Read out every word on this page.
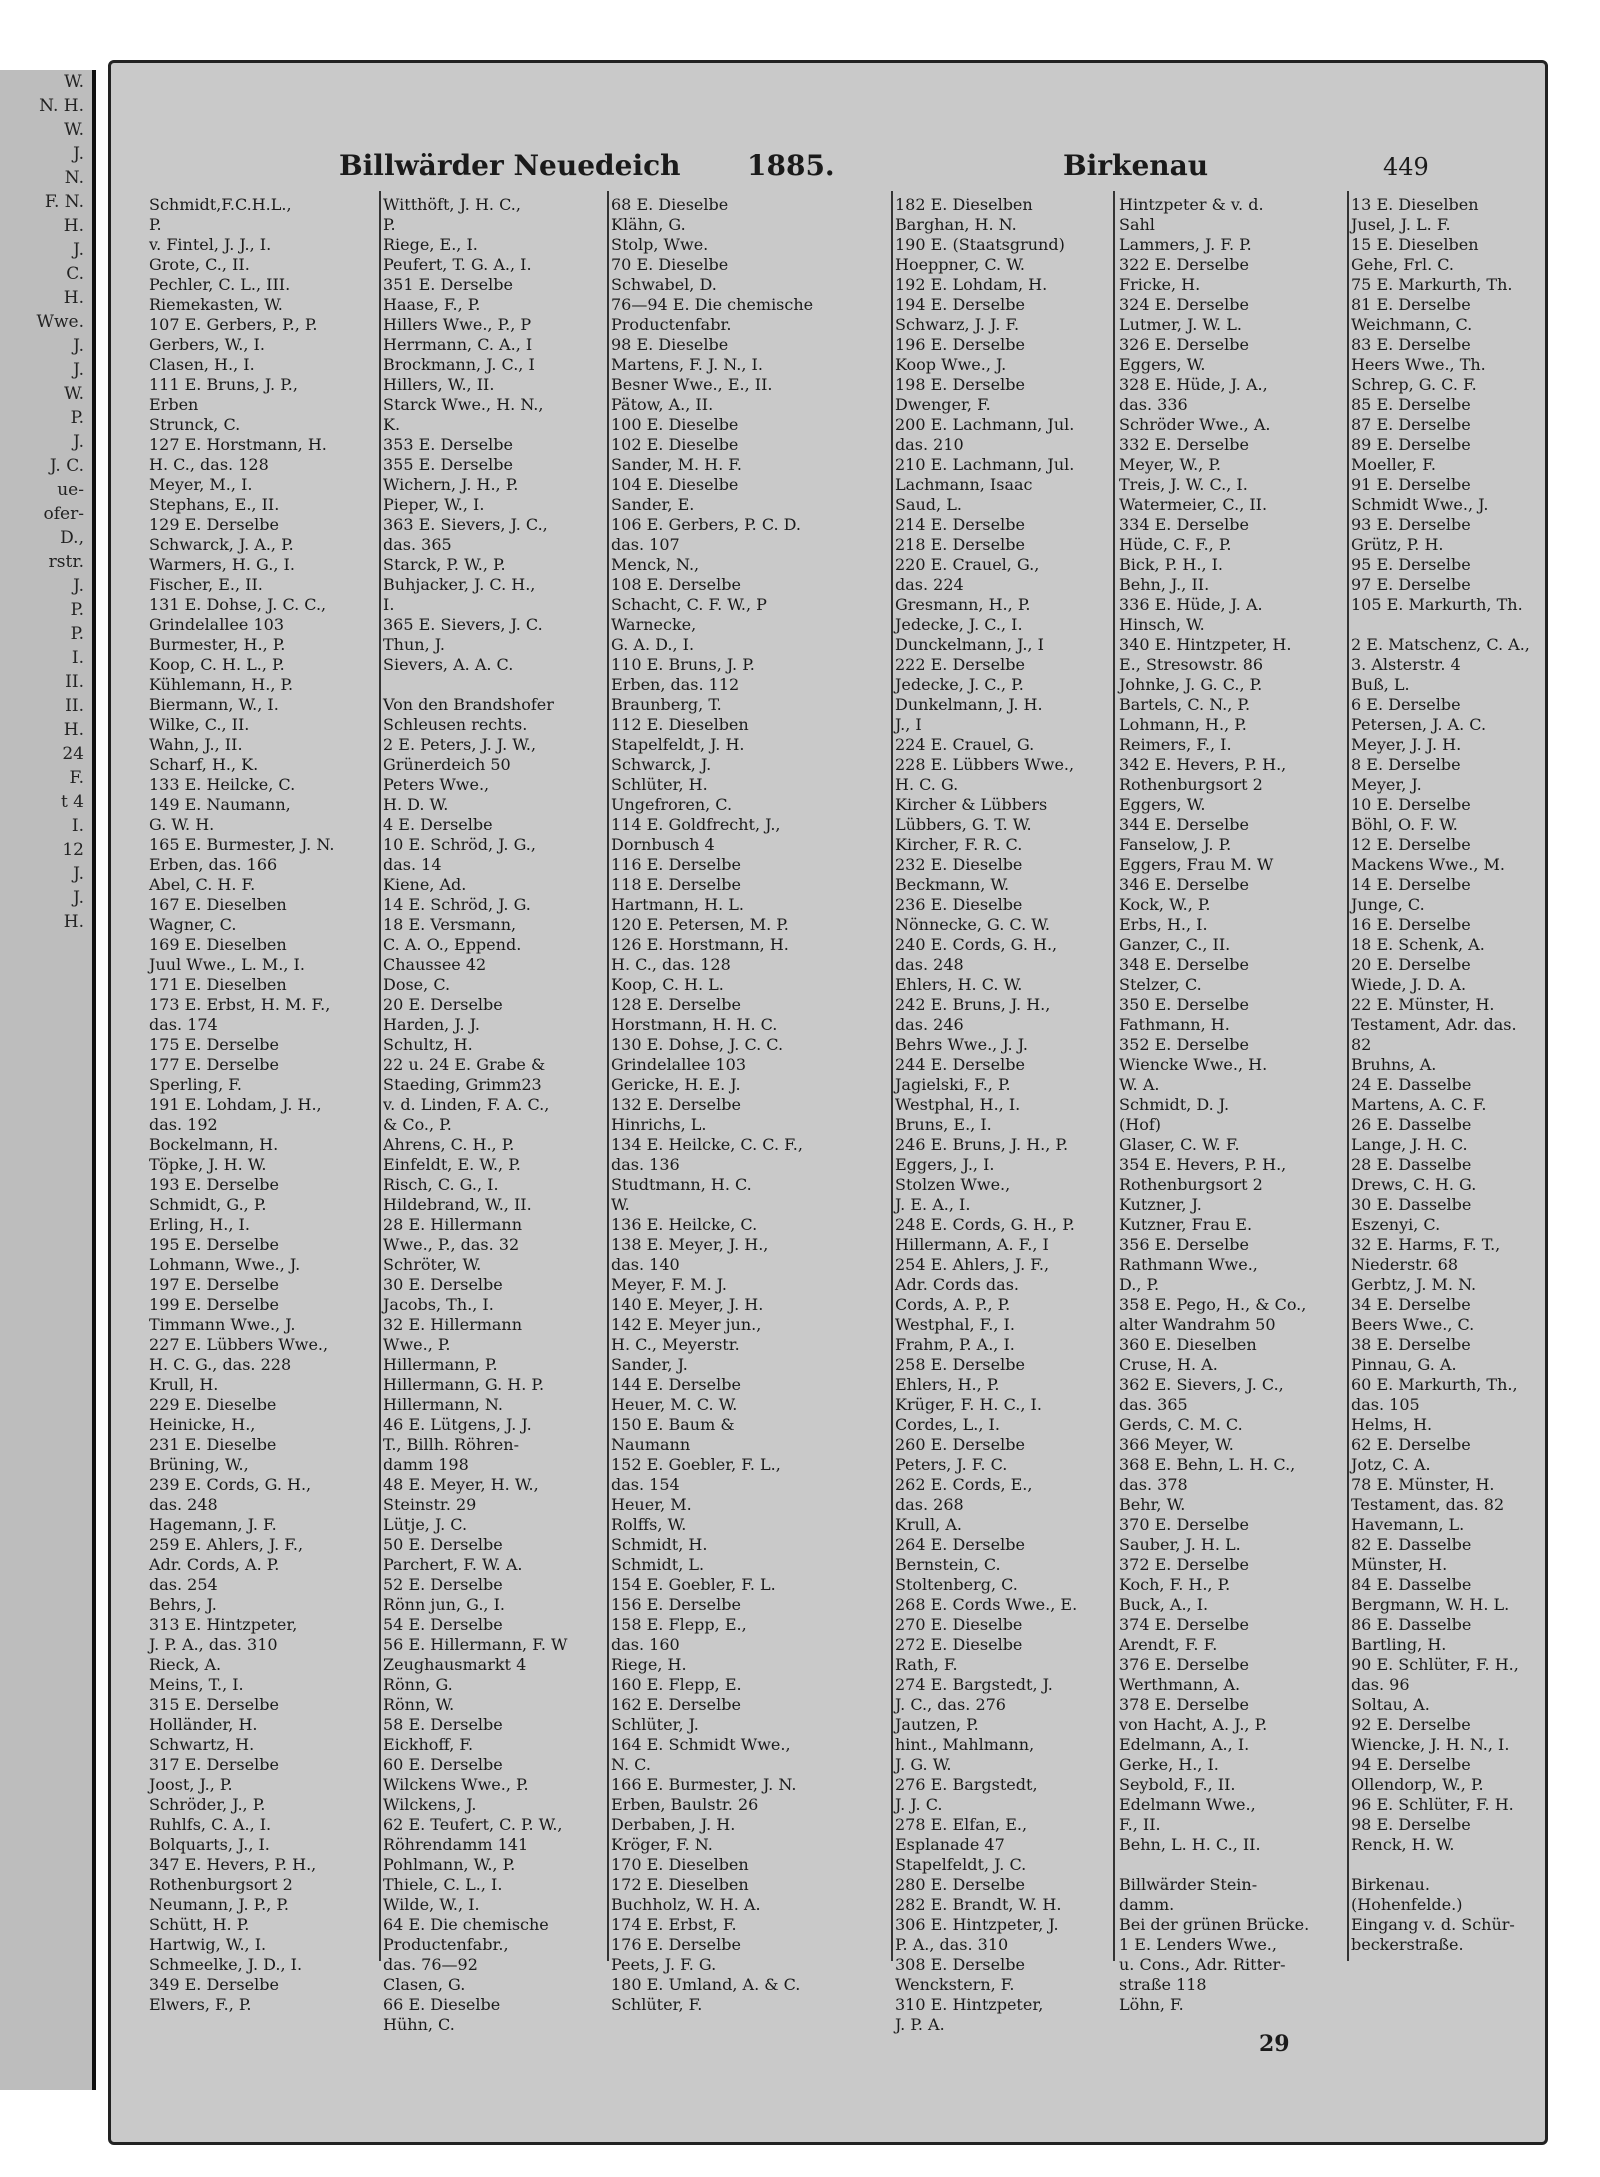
W.
N. H.
W.
J.
N.
F. N.
H.
J.
C.
H.
Wwe.
J.
J.
W.
P.
J.
J. C.
ue-
ofer-
D.,
rstr.
J.
P.
P.
I.
II.
II.
H.
24
F.
t 4
I.
12
J.
J.
H.
Billwärder Neuedeich 1885.	Birkenau	449
Schmidt,F.C.H.L.,
P.
v. Fintel, J. J., I.
Grote, C., II.
Pechler, C. L., III.
Riemekasten, W.
107 E. Gerbers, P., P.
Gerbers, W., I.
Clasen, H., I.
111 E. Bruns, J. P.,
Erben
Strunck, C.
127 E. Horstmann, H.
H. C., das. 128
Meyer, M., I.
Stephans, E., II.
129 E. Derselbe
Schwarck, J. A., P.
Warmers, H. G., I.
Fischer, E., II.
131 E. Dohse, J. C. C.,
Grindelallee 103
Burmester, H., P.
Koop, C. H. L., P.
Kühlemann, H., P.
Biermann, W., I.
Wilke, C., II.
Wahn, J., II.
Scharf, H., K.
133 E. Heilcke, C.
149 E. Naumann,
G. W. H.
165 E. Burmester, J. N.
Erben, das. 166
Abel, C. H. F.
167 E. Dieselben
Wagner, C.
169 E. Dieselben
Juul Wwe., L. M., I.
171 E. Dieselben
173 E. Erbst, H. M. F.,
das. 174
175 E. Derselbe
177 E. Derselbe
Sperling, F.
191 E. Lohdam, J. H.,
das. 192
Bockelmann, H.
Töpke, J. H. W.
193 E. Derselbe
Schmidt, G., P.
Erling, H., I.
195 E. Derselbe
Lohmann, Wwe., J.
197 E. Derselbe
199 E. Derselbe
Timmann Wwe., J.
227 E. Lübbers Wwe.,
H. C. G., das. 228
Krull, H.
229 E. Dieselbe
Heinicke, H.,
231 E. Dieselbe
Brüning, W.,
239 E. Cords, G. H.,
das. 248
Hagemann, J. F.
259 E. Ahlers, J. F.,
Adr. Cords, A. P.
das. 254
Behrs, J.
313 E. Hintzpeter,
J. P. A., das. 310
Rieck, A.
Meins, T., I.
315 E. Derselbe
Holländer, H.
Schwartz, H.
317 E. Derselbe
Joost, J., P.
Schröder, J., P.
Ruhlfs, C. A., I.
Bolquarts, J., I.
347 E. Hevers, P. H.,
Rothenburgsort 2
Neumann, J. P., P.
Schütt, H. P.
Hartwig, W., I.
Schmeelke, J. D., I.
349 E. Derselbe
Elwers, F., P.
Witthöft, J. H. C.,
P.
Riege, E., I.
Peufert, T. G. A., I.
351 E. Derselbe
Haase, F., P.
Hillers Wwe., P., P
Herrmann, C. A., I
Brockmann, J. C., I
Hillers, W., II.
Starck Wwe., H. N.,
K.
353 E. Derselbe
355 E. Derselbe
Wichern, J. H., P.
Pieper, W., I.
363 E. Sievers, J. C.,
das. 365
Starck, P. W., P.
Buhjacker, J. C. H.,
I.
365 E. Sievers, J. C.
Thun, J.
Sievers, A. A. C.
Von den Brandshofer
Schleusen rechts.
2 E. Peters, J. J. W.,
Grünerdeich 50
Peters Wwe.,
H. D. W.
4 E. Derselbe
10 E. Schröd, J. G.,
das. 14
Kiene, Ad.
14 E. Schröd, J. G.
18 E. Versmann,
C. A. O., Eppend.
Chaussee 42
Dose, C.
20 E. Derselbe
Harden, J. J.
Schultz, H.
22 u. 24 E. Grabe &
Staeding, Grimm23
v. d. Linden, F. A. C.,
& Co., P.
Ahrens, C. H., P.
Einfeldt, E. W., P.
Risch, C. G., I.
Hildebrand, W., II.
28 E. Hillermann
Wwe., P., das. 32
Schröter, W.
30 E. Derselbe
Jacobs, Th., I.
32 E. Hillermann
Wwe., P.
Hillermann, P.
Hillermann, G. H. P.
Hillermann, N.
46 E. Lütgens, J. J.
T., Billh. Röhren-
damm 198
48 E. Meyer, H. W.,
Steinstr. 29
Lütje, J. C.
50 E. Derselbe
Parchert, F. W. A.
52 E. Derselbe
Rönn jun, G., I.
54 E. Derselbe
56 E. Hillermann, F. W
Zeughausmarkt 4
Rönn, G.
Rönn, W.
58 E. Derselbe
Eickhoff, F.
60 E. Derselbe
Wilckens Wwe., P.
Wilckens, J.
62 E. Teufert, C. P. W.,
Röhrendamm 141
Pohlmann, W., P.
Thiele, C. L., I.
Wilde, W., I.
64 E. Die chemische
Productenfabr.,
das. 76—92
Clasen, G.
66 E. Dieselbe
Hühn, C.
68 E. Dieselbe
Klähn, G.
Stolp, Wwe.
70 E. Dieselbe
Schwabel, D.
76—94 E. Die chemische
Productenfabr.
98 E. Dieselbe
Martens, F. J. N., I.
Besner Wwe., E., II.
Pätow, A., II.
100 E. Dieselbe
102 E. Dieselbe
Sander, M. H. F.
104 E. Dieselbe
Sander, E.
106 E. Gerbers, P. C. D.
das. 107
Menck, N.,
108 E. Derselbe
Schacht, C. F. W., P
Warnecke,
G. A. D., I.
110 E. Bruns, J. P.
Erben, das. 112
Braunberg, T.
112 E. Dieselben
Stapelfeldt, J. H.
Schwarck, J.
Schlüter, H.
Ungefroren, C.
114 E. Goldfrecht, J.,
Dornbusch 4
116 E. Derselbe
118 E. Derselbe
Hartmann, H. L.
120 E. Petersen, M. P.
126 E. Horstmann, H.
H. C., das. 128
Koop, C. H. L.
128 E. Derselbe
Horstmann, H. H. C.
130 E. Dohse, J. C. C.
Grindelallee 103
Gericke, H. E. J.
132 E. Derselbe
Hinrichs, L.
134 E. Heilcke, C. C. F.,
das. 136
Studtmann, H. C.
W.
136 E. Heilcke, C.
138 E. Meyer, J. H.,
das. 140
Meyer, F. M. J.
140 E. Meyer, J. H.
142 E. Meyer jun.,
H. C., Meyerstr.
Sander, J.
144 E. Derselbe
Heuer, M. C. W.
150 E. Baum &
Naumann
152 E. Goebler, F. L.,
das. 154
Heuer, M.
Rolffs, W.
Schmidt, H.
Schmidt, L.
154 E. Goebler, F. L.
156 E. Derselbe
158 E. Flepp, E.,
das. 160
Riege, H.
160 E. Flepp, E.
162 E. Derselbe
Schlüter, J.
164 E. Schmidt Wwe.,
N. C.
166 E. Burmester, J. N.
Erben, Baulstr. 26
Derbaben, J. H.
Kröger, F. N.
170 E. Dieselben
172 E. Dieselben
Buchholz, W. H. A.
174 E. Erbst, F.
176 E. Derselbe
Peets, J. F. G.
180 E. Umland, A. & C.
Schlüter, F.
182 E. Dieselben
Barghan, H. N.
190 E. (Staatsgrund)
Hoeppner, C. W.
192 E. Lohdam, H.
194 E. Derselbe
Schwarz, J. J. F.
196 E. Derselbe
Koop Wwe., J.
198 E. Derselbe
Dwenger, F.
200 E. Lachmann, Jul.
das. 210
210 E. Lachmann, Jul.
Lachmann, Isaac
Saud, L.
214 E. Derselbe
218 E. Derselbe
220 E. Crauel, G.,
das. 224
Gresmann, H., P.
Jedecke, J. C., I.
Dunckelmann, J., I
222 E. Derselbe
Jedecke, J. C., P.
Dunkelmann, J. H.
J., I
224 E. Crauel, G.
228 E. Lübbers Wwe.,
H. C. G.
Kircher & Lübbers
Lübbers, G. T. W.
Kircher, F. R. C.
232 E. Dieselbe
Beckmann, W.
236 E. Dieselbe
Nönnecke, G. C. W.
240 E. Cords, G. H.,
das. 248
Ehlers, H. C. W.
242 E. Bruns, J. H.,
das. 246
Behrs Wwe., J. J.
244 E. Derselbe
Jagielski, F., P.
Westphal, H., I.
Bruns, E., I.
246 E. Bruns, J. H., P.
Eggers, J., I.
Stolzen Wwe.,
J. E. A., I.
248 E. Cords, G. H., P.
Hillermann, A. F., I
254 E. Ahlers, J. F.,
Adr. Cords das.
Cords, A. P., P.
Westphal, F., I.
Frahm, P. A., I.
258 E. Derselbe
Ehlers, H., P.
Krüger, F. H. C., I.
Cordes, L., I.
260 E. Derselbe
Peters, J. F. C.
262 E. Cords, E.,
das. 268
Krull, A.
264 E. Derselbe
Bernstein, C.
Stoltenberg, C.
268 E. Cords Wwe., E.
270 E. Dieselbe
272 E. Dieselbe
Rath, F.
274 E. Bargstedt, J.
J. C., das. 276
Jautzen, P.
hint., Mahlmann,
J. G. W.
276 E. Bargstedt,
J. J. C.
278 E. Elfan, E.,
Esplanade 47
Stapelfeldt, J. C.
280 E. Derselbe
282 E. Brandt, W. H.
306 E. Hintzpeter, J.
P. A., das. 310
308 E. Derselbe
Wenckstern, F.
310 E. Hintzpeter,
J. P. A.
Hintzpeter & v. d.
Sahl
Lammers, J. F. P.
322 E. Derselbe
Fricke, H.
324 E. Derselbe
Lutmer, J. W. L.
326 E. Derselbe
Eggers, W.
328 E. Hüde, J. A.,
das. 336
Schröder Wwe., A.
332 E. Derselbe
Meyer, W., P.
Treis, J. W. C., I.
Watermeier, C., II.
334 E. Derselbe
Hüde, C. F., P.
Bick, P. H., I.
Behn, J., II.
336 E. Hüde, J. A.
Hinsch, W.
340 E. Hintzpeter, H.
E., Stresowstr. 86
Johnke, J. G. C., P.
Bartels, C. N., P.
Lohmann, H., P.
Reimers, F., I.
342 E. Hevers, P. H.,
Rothenburgsort 2
Eggers, W.
344 E. Derselbe
Fanselow, J. P.
Eggers, Frau M. W
346 E. Derselbe
Kock, W., P.
Erbs, H., I.
Ganzer, C., II.
348 E. Derselbe
Stelzer, C.
350 E. Derselbe
Fathmann, H.
352 E. Derselbe
Wiencke Wwe., H.
W. A.
Schmidt, D. J.
(Hof)
Glaser, C. W. F.
354 E. Hevers, P. H.,
Rothenburgsort 2
Kutzner, J.
Kutzner, Frau E.
356 E. Derselbe
Rathmann Wwe.,
D., P.
358 E. Pego, H., & Co.,
alter Wandrahm 50
360 E. Dieselben
Cruse, H. A.
362 E. Sievers, J. C.,
das. 365
Gerds, C. M. C.
366 Meyer, W.
368 E. Behn, L. H. C.,
das. 378
Behr, W.
370 E. Derselbe
Sauber, J. H. L.
372 E. Derselbe
Koch, F. H., P.
Buck, A., I.
374 E. Derselbe
Arendt, F. F.
376 E. Derselbe
Werthmann, A.
378 E. Derselbe
von Hacht, A. J., P.
Edelmann, A., I.
Gerke, H., I.
Seybold, F., II.
Edelmann Wwe.,
F., II.
Behn, L. H. C., II.
Billwärder Stein-
damm.
Bei der grünen Brücke.
1 E. Lenders Wwe.,
u. Cons., Adr. Ritter-
straße 118
Löhn, F.
13 E. Dieselben
Jusel, J. L. F.
15 E. Dieselben
Gehe, Frl. C.
75 E. Markurth, Th.
81 E. Derselbe
Weichmann, C.
83 E. Derselbe
Heers Wwe., Th.
Schrep, G. C. F.
85 E. Derselbe
87 E. Derselbe
89 E. Derselbe
Moeller, F.
91 E. Derselbe
Schmidt Wwe., J.
93 E. Derselbe
Grütz, P. H.
95 E. Derselbe
97 E. Derselbe
105 E. Markurth, Th.
2 E. Matschenz, C. A.,
3. Alsterstr. 4
Buß, L.
6 E. Derselbe
Petersen, J. A. C.
Meyer, J. J. H.
8 E. Derselbe
Meyer, J.
10 E. Derselbe
Böhl, O. F. W.
12 E. Derselbe
Mackens Wwe., M.
14 E. Derselbe
Junge, C.
16 E. Derselbe
18 E. Schenk, A.
20 E. Derselbe
Wiede, J. D. A.
22 E. Münster, H.
Testament, Adr. das.
82
Bruhns, A.
24 E. Dasselbe
Martens, A. C. F.
26 E. Dasselbe
Lange, J. H. C.
28 E. Dasselbe
Drews, C. H. G.
30 E. Dasselbe
Eszenyi, C.
32 E. Harms, F. T.,
Niederstr. 68
Gerbtz, J. M. N.
34 E. Derselbe
Beers Wwe., C.
38 E. Derselbe
Pinnau, G. A.
60 E. Markurth, Th.,
das. 105
Helms, H.
62 E. Derselbe
Jotz, C. A.
78 E. Münster, H.
Testament, das. 82
Havemann, L.
82 E. Dasselbe
Münster, H.
84 E. Dasselbe
Bergmann, W. H. L.
86 E. Dasselbe
Bartling, H.
90 E. Schlüter, F. H.,
das. 96
Soltau, A.
92 E. Derselbe
Wiencke, J. H. N., I.
94 E. Derselbe
Ollendorp, W., P.
96 E. Schlüter, F. H.
98 E. Derselbe
Renck, H. W.
Birkenau.
(Hohenfelde.)
Eingang v. d. Schür-
beckerstraße.
29
